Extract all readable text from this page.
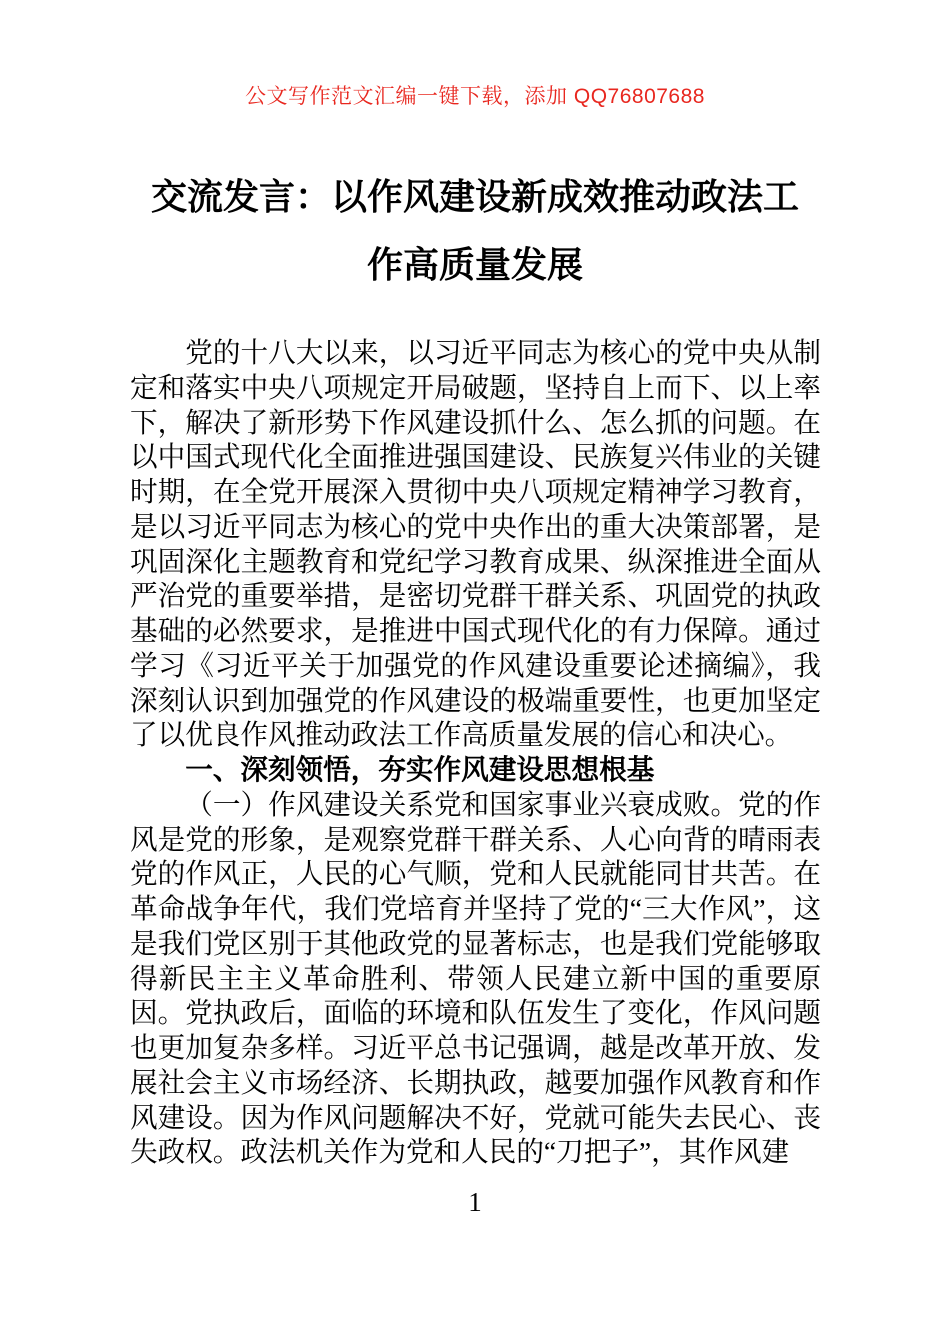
公文写作范文汇编一键下载，添加 QQ76807688
交流发言：以作风建设新成效推动政法工
作高质量发展

党的十八大以来，以习近平同志为核心的党中央从制定和落实中央八项规定开局破题，坚持自上而下、以上率下，解决了新形势下作风建设抓什么、怎么抓的问题。在以中国式现代化全面推进强国建设、民族复兴伟业的关键时期，在全党开展深入贯彻中央八项规定精神学习教育，是以习近平同志为核心的党中央作出的重大决策部署，是巩固深化主题教育和党纪学习教育成果、纵深推进全面从严治党的重要举措，是密切党群干群关系、巩固党的执政基础的必然要求，是推进中国式现代化的有力保障。通过学习《习近平关于加强党的作风建设重要论述摘编》，我深刻认识到加强党的作风建设的极端重要性，也更加坚定了以优良作风推动政法工作高质量发展的信心和决心。

一、深刻领悟，夯实作风建设思想根基

（一）作风建设关系党和国家事业兴衰成败。党的作风是党的形象，是观察党群干群关系、人心向背的晴雨表党的作风正，人民的心气顺，党和人民就能同甘共苦。在革命战争年代，我们党培育并坚持了党的“三大作风”，这是我们党区别于其他政党的显著标志，也是我们党能够取得新民主主义革命胜利、带领人民建立新中国的重要原因。党执政后，面临的环境和队伍发生了变化，作风问题也更加复杂多样。习近平总书记强调，越是改革开放、发展社会主义市场经济、长期执政，越要加强作风教育和作风建设。因为作风问题解决不好，党就可能失去民心、丧失政权。政法机关作为党和人民的“刀把子”，其作风建

1
